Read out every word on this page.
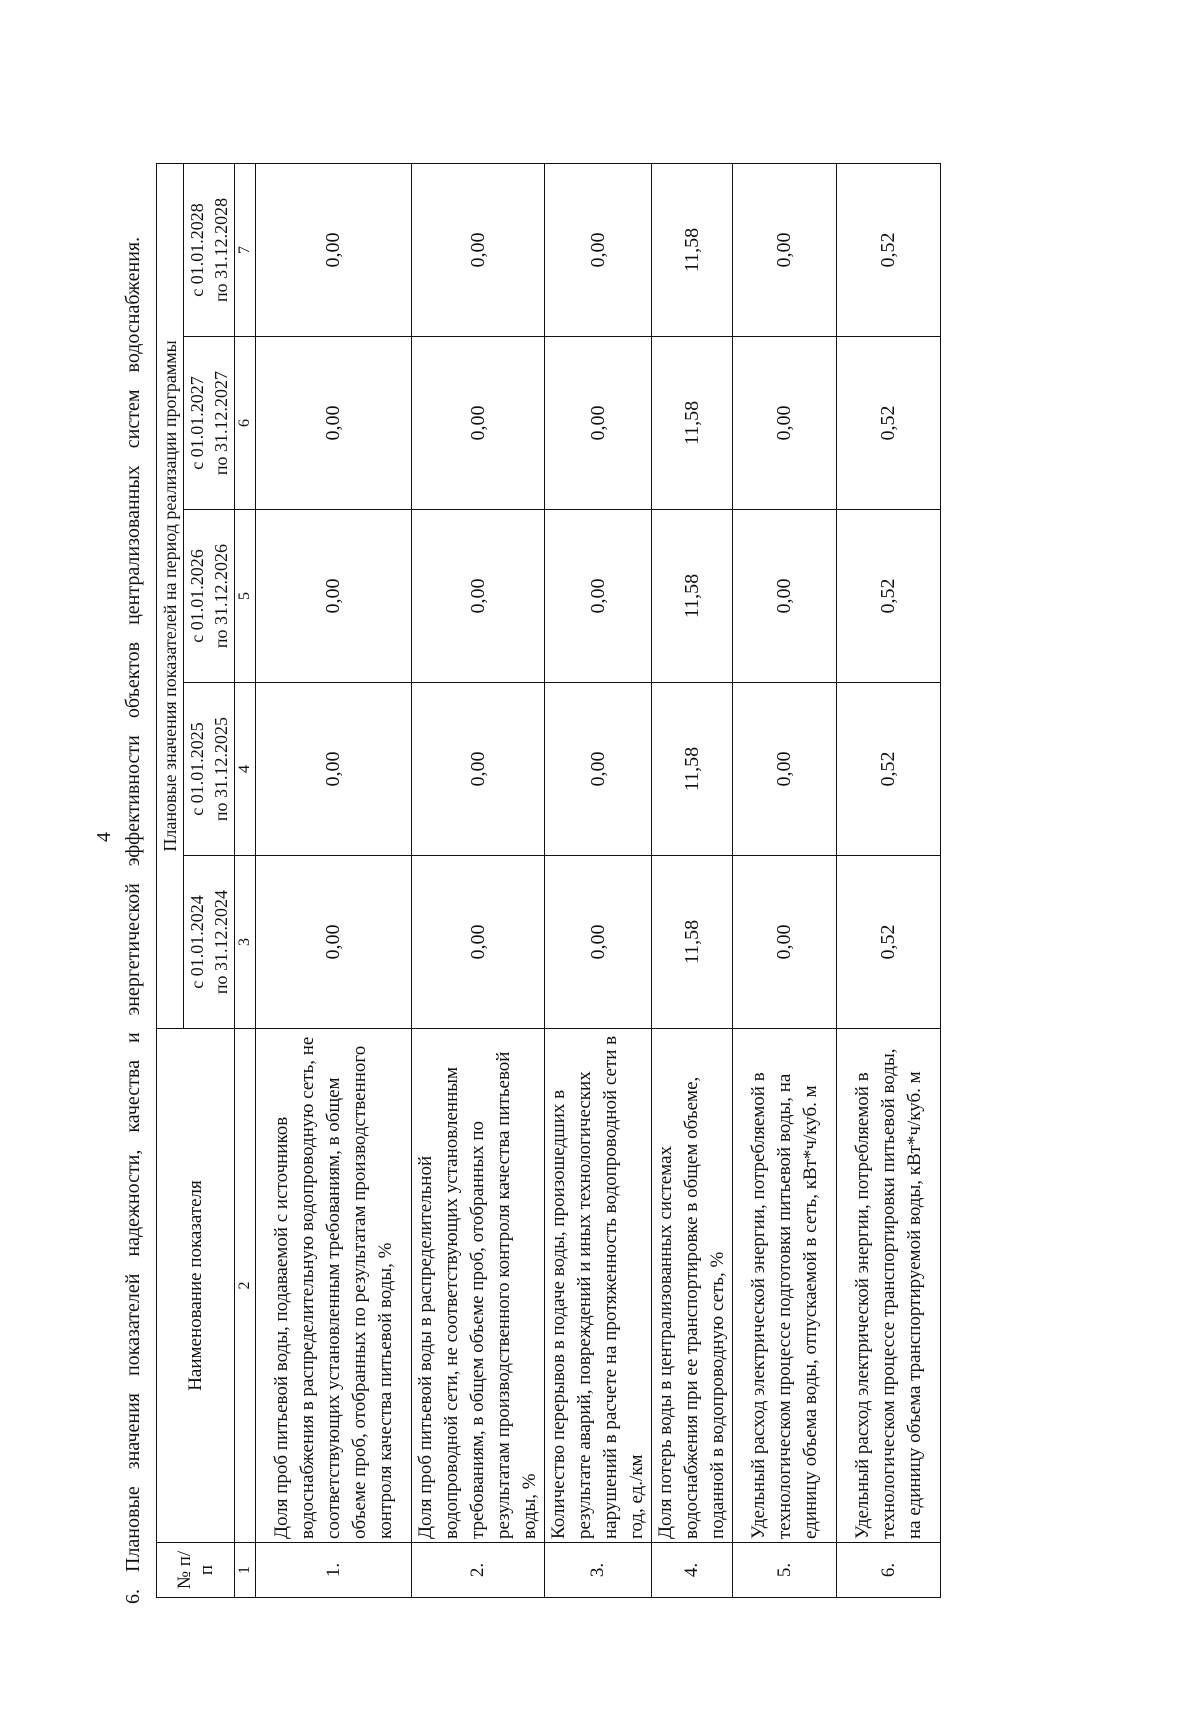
4 6. Плановые значения показателей надежности, качества и энергетической эффективности объектов централизованных систем водоснабжения. № п/п	Наименование показателя	Плановые значения показателей на период реализации программы				
		с 01.01.2024 по 31.12.2024	с 01.01.2025 по 31.12.2025	с 01.01.2026 по 31.12.2026	с 01.01.2027 по 31.12.2027	с 01.01.2028 по 31.12.2028
1	2	3	4	5	6	7
1.	Доля проб питьевой воды, подаваемой с источников водоснабжения в распределительную водопроводную сеть, не соответствующих установленным требованиям, в общем объеме проб, отобранных по результатам производственного контроля качества питьевой воды, %	0,00	0,00	0,00	0,00	0,00
2.	Доля проб питьевой воды в распределительной водопроводной сети, не соответствующих установленным требованиям, в общем объеме проб, отобранных по результатам производственного контроля качества питьевой воды, %	0,00	0,00	0,00	0,00	0,00
3.	Количество перерывов в подаче воды, произошедших в результате аварий, повреждений и иных технологических нарушений в расчете на протяженность водопроводной сети в год, ед./км	0,00	0,00	0,00	0,00	0,00
4.	Доля потерь воды в централизованных системах водоснабжения при ее транспортировке в общем объеме, поданной в водопроводную сеть, %	11,58	11,58	11,58	11,58	11,58
5.	Удельный расход электрической энергии, потребляемой в технологическом процессе подготовки питьевой воды, на единицу объема воды, отпускаемой в сеть, кВт*ч/куб. м	0,00	0,00	0,00	0,00	0,00
6.	Удельный расход электрической энергии, потребляемой в технологическом процессе транспортировки питьевой воды, на единицу объема транспортируемой воды, кВт*ч/куб. м	0,52	0,52	0,52	0,52	0,52
